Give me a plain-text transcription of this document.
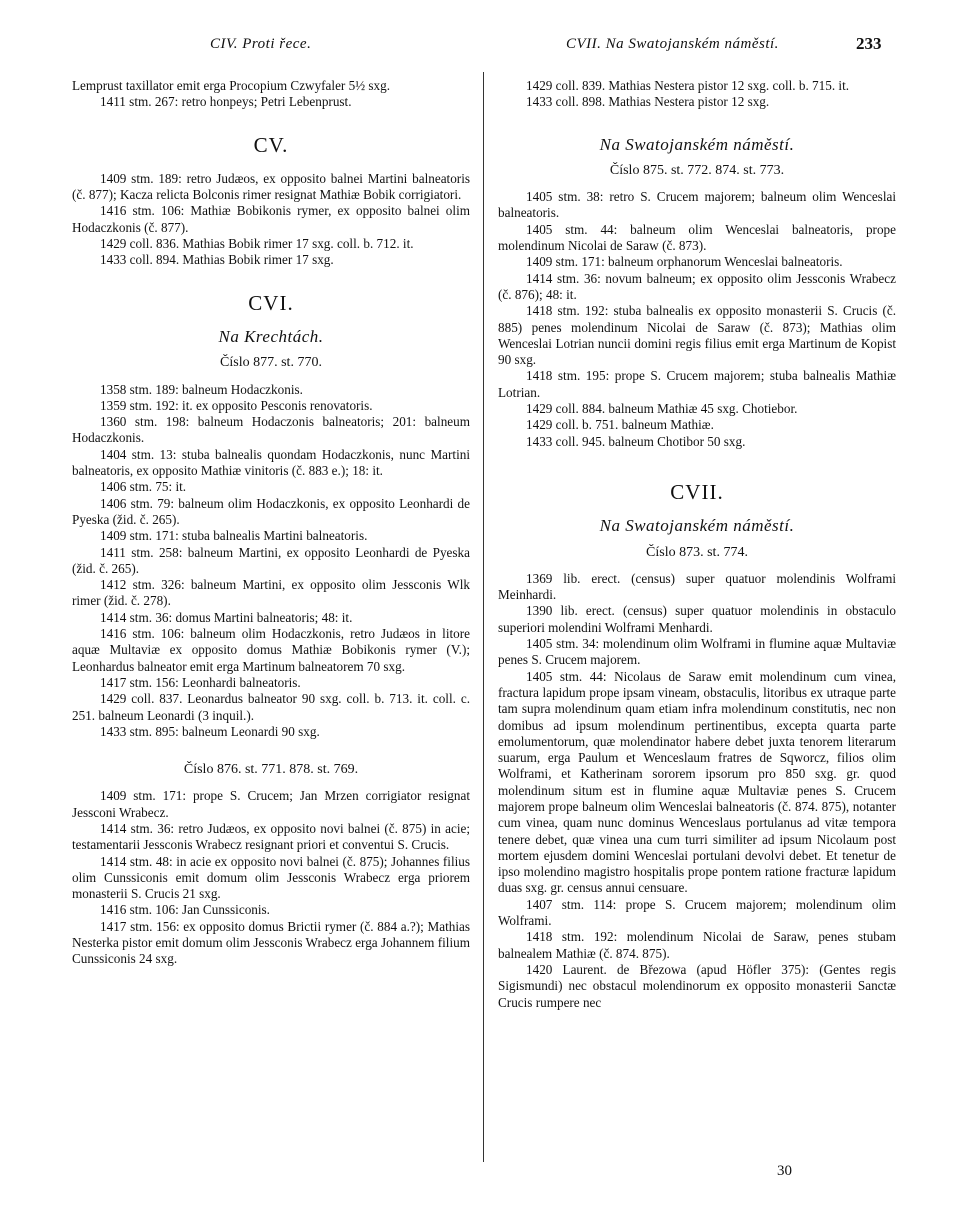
CIV. Proti řece.	CVII. Na Swatojanském náměstí.	233

Lemprust taxillator emit erga Procopium Czwyfaler 5½ sxg.

1411 stm. 267: retro honpeys; Petri Lebenprust.

CV.

1409 stm. 189: retro Judæos, ex opposito balnei Martini balneatoris (č. 877); Kacza relicta Bolconis rimer resignat Mathiæ Bobik corrigiatori.

1416 stm. 106: Mathiæ Bobikonis rymer, ex opposito balnei olim Hodaczkonis (č. 877).

1429 coll. 836. Mathias Bobik rimer 17 sxg. coll. b. 712. it.

1433 coll. 894. Mathias Bobik rimer 17 sxg.

CVI.
Na Krechtách.
Číslo 877. st. 770.

1358 stm. 189: balneum Hodaczkonis.

1359 stm. 192: it. ex opposito Pesconis renovatoris.

1360 stm. 198: balneum Hodaczonis balneatoris; 201: balneum Hodaczkonis.

1404 stm. 13: stuba balnealis quondam Hodaczkonis, nunc Martini balneatoris, ex opposito Mathiæ vinitoris (č. 883 e.); 18: it.

1406 stm. 75: it.

1406 stm. 79: balneum olim Hodaczkonis, ex opposito Leonhardi de Pyeska (žid. č. 265).

1409 stm. 171: stuba balnealis Martini balneatoris.

1411 stm. 258: balneum Martini, ex opposito Leonhardi de Pyeska (žid. č. 265).

1412 stm. 326: balneum Martini, ex opposito olim Jessconis Wlk rimer (žid. č. 278).

1414 stm. 36: domus Martini balneatoris; 48: it.

1416 stm. 106: balneum olim Hodaczkonis, retro Judæos in litore aquæ Multaviæ ex opposito domus Mathiæ Bobikonis rymer (V.); Leonhardus balneator emit erga Martinum balneatorem 70 sxg.

1417 stm. 156: Leonhardi balneatoris.

1429 coll. 837. Leonardus balneator 90 sxg. coll. b. 713. it. coll. c. 251. balneum Leonardi (3 inquil.).

1433 stm. 895: balneum Leonardi 90 sxg.

Číslo 876. st. 771. 878. st. 769.

1409 stm. 171: prope S. Crucem; Jan Mrzen corrigiator resignat Jessconi Wrabecz.

1414 stm. 36: retro Judæos, ex opposito novi balnei (č. 875) in acie; testamentarii Jessconis Wrabecz resignant priori et conventui S. Crucis.

1414 stm. 48: in acie ex opposito novi balnei (č. 875); Johannes filius olim Cunssiconis emit domum olim Jessconis Wrabecz erga priorem monasterii S. Crucis 21 sxg.

1416 stm. 106: Jan Cunssiconis.

1417 stm. 156: ex opposito domus Brictii rymer (č. 884 a.?); Mathias Nesterka pistor emit domum olim Jessconis Wrabecz erga Johannem filium Cunssiconis 24 sxg.

1429 coll. 839. Mathias Nestera pistor 12 sxg. coll. b. 715. it.

1433 coll. 898. Mathias Nestera pistor 12 sxg.

Na Swatojanském náměstí.
Číslo 875. st. 772. 874. st. 773.

1405 stm. 38: retro S. Crucem majorem; balneum olim Wenceslai balneatoris.

1405 stm. 44: balneum olim Wenceslai balneatoris, prope molendinum Nicolai de Saraw (č. 873).

1409 stm. 171: balneum orphanorum Wenceslai balneatoris.

1414 stm. 36: novum balneum; ex opposito olim Jessconis Wrabecz (č. 876); 48: it.

1418 stm. 192: stuba balnealis ex opposito monasterii S. Crucis (č. 885) penes molendinum Nicolai de Saraw (č. 873); Mathias olim Wenceslai Lotrian nuncii domini regis filius emit erga Martinum de Kopist 90 sxg.

1418 stm. 195: prope S. Crucem majorem; stuba balnealis Mathiæ Lotrian.

1429 coll. 884. balneum Mathiæ 45 sxg. Chotiebor.

1429 coll. b. 751. balneum Mathiæ.

1433 coll. 945. balneum Chotibor 50 sxg.

CVII.
Na Swatojanském náměstí.
Číslo 873. st. 774.

1369 lib. erect. (census) super quatuor molendinis Wolframi Meinhardi.

1390 lib. erect. (census) super quatuor molendinis in obstaculo superiori molendini Wolframi Menhardi.

1405 stm. 34: molendinum olim Wolframi in flumine aquæ Multaviæ penes S. Crucem majorem.

1405 stm. 44: Nicolaus de Saraw emit molendinum cum vinea, fractura lapidum prope ipsam vineam, obstaculis, litoribus ex utraque parte tam supra molendinum quam etiam infra molendinum constitutis, nec non domibus ad ipsum molendinum pertinentibus, excepta quarta parte emolumentorum, quæ molendinator habere debet juxta tenorem literarum suarum, erga Paulum et Wenceslaum fratres de Sqworcz, filios olim Wolframi, et Katherinam sororem ipsorum pro 850 sxg. gr. quod molendinum situm est in flumine aquæ Multaviæ penes S. Crucem majorem prope balneum olim Wenceslai balneatoris (č. 874. 875), notanter cum vinea, quam nunc dominus Wenceslaus portulanus ad vitæ tempora tenere debet, quæ vinea una cum turri similiter ad ipsum Nicolaum post mortem ejusdem domini Wenceslai portulani devolvi debet. Et tenetur de ipso molendino magistro hospitalis prope pontem ratione fracturæ lapidum duas sxg. gr. census annui censuare.

1407 stm. 114: prope S. Crucem majorem; molendinum olim Wolframi.

1418 stm. 192: molendinum Nicolai de Saraw, penes stubam balnealem Mathiæ (č. 874. 875).

1420 Laurent. de Březowa (apud Höfler 375): (Gentes regis Sigismundi) nec obstacul molendinorum ex opposito monasterii Sanctæ Crucis rumpere nec

30
